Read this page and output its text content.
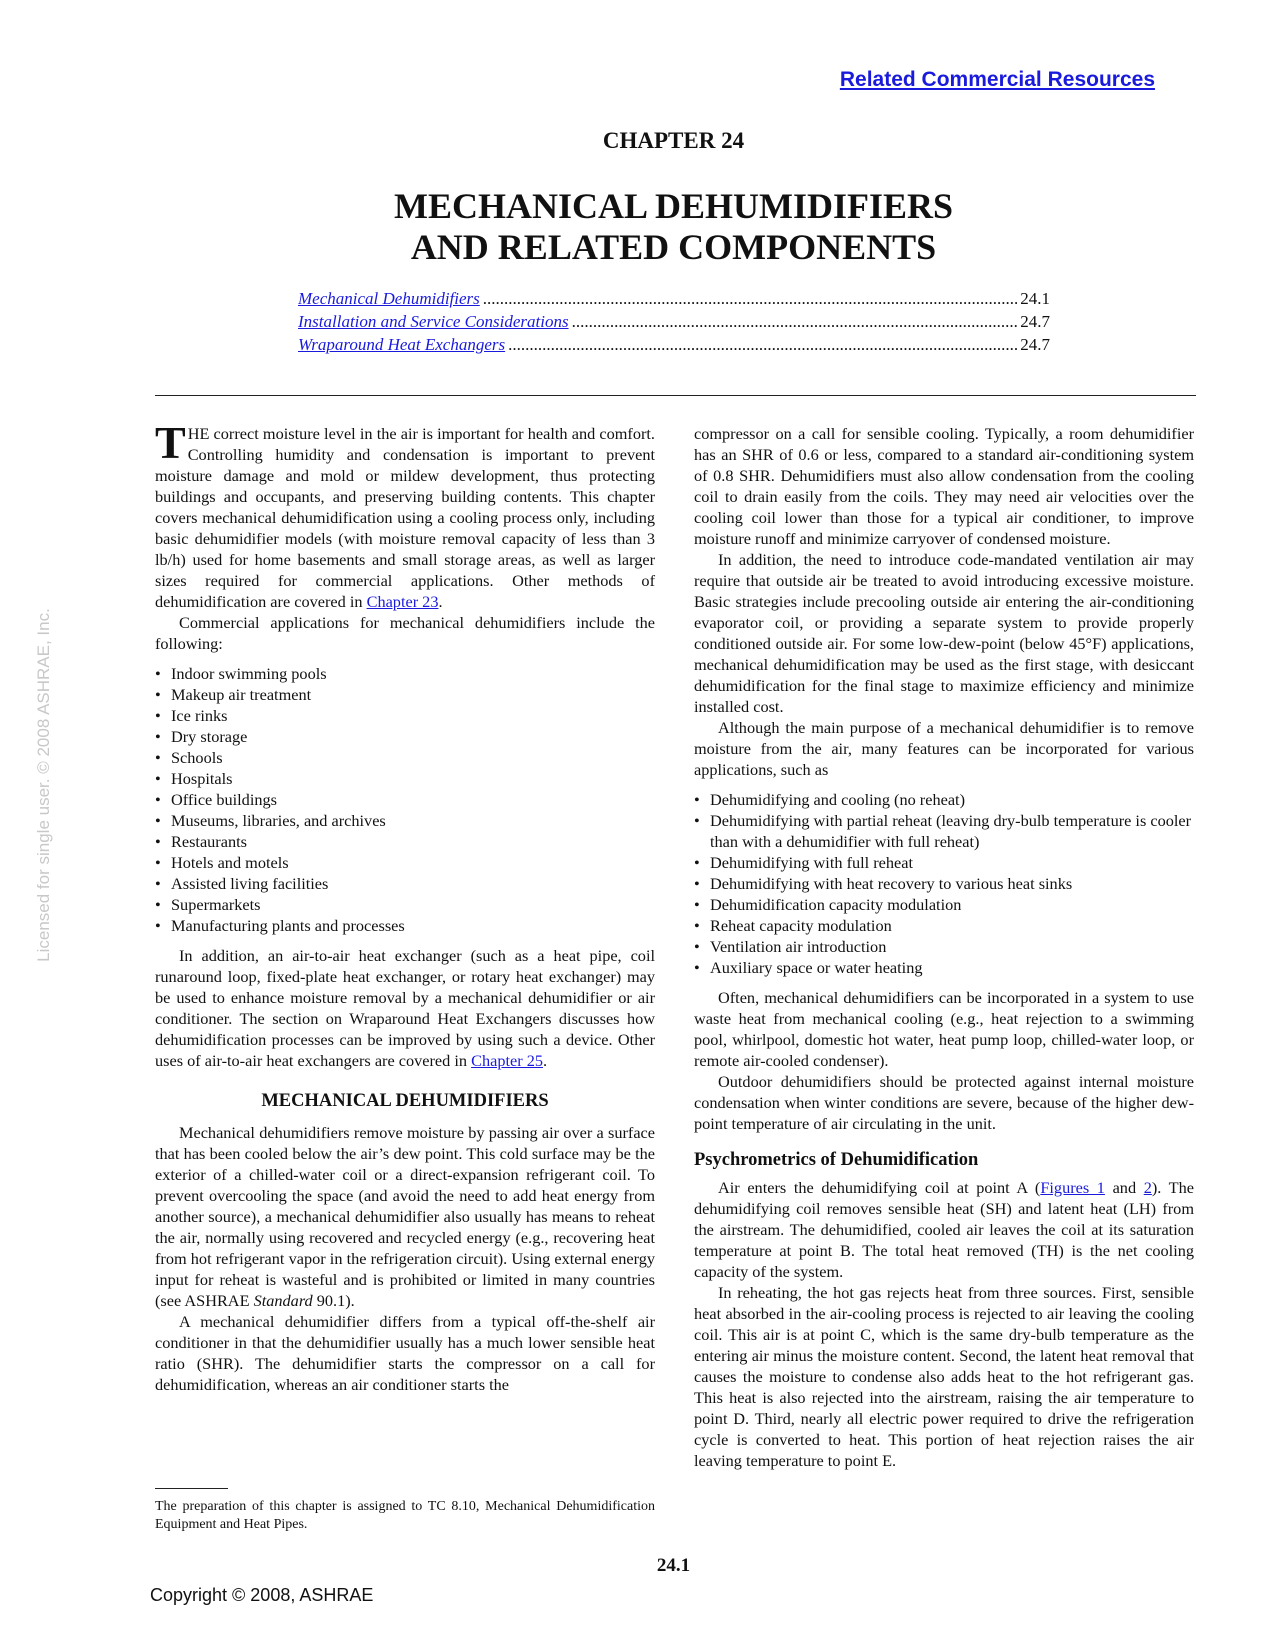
Related Commercial Resources
CHAPTER 24
MECHANICAL DEHUMIDIFIERS
AND RELATED COMPONENTS
Mechanical Dehumidifiers .....	24.1
Installation and Service Considerations .....	24.7
Wraparound Heat Exchangers .....	24.7

THE correct moisture level in the air is important for health and comfort. Controlling humidity and condensation is important to prevent moisture damage and mold or mildew development, thus protecting buildings and occupants, and preserving building contents. This chapter covers mechanical dehumidification using a cooling process only, including basic dehumidifier models (with moisture removal capacity of less than 3 lb/h) used for home basements and small storage areas, as well as larger sizes required for commercial applications. Other methods of dehumidification are covered in Chapter 23.

Commercial applications for mechanical dehumidifiers include the following:

• Indoor swimming pools
• Makeup air treatment
• Ice rinks
• Dry storage
• Schools
• Hospitals
• Office buildings
• Museums, libraries, and archives
• Restaurants
• Hotels and motels
• Assisted living facilities
• Supermarkets
• Manufacturing plants and processes

In addition, an air-to-air heat exchanger (such as a heat pipe, coil runaround loop, fixed-plate heat exchanger, or rotary heat exchanger) may be used to enhance moisture removal by a mechanical dehumidifier or air conditioner. The section on Wraparound Heat Exchangers discusses how dehumidification processes can be improved by using such a device. Other uses of air-to-air heat exchangers are covered in Chapter 25.

MECHANICAL DEHUMIDIFIERS

Mechanical dehumidifiers remove moisture by passing air over a surface that has been cooled below the air’s dew point. This cold surface may be the exterior of a chilled-water coil or a direct-expansion refrigerant coil. To prevent overcooling the space (and avoid the need to add heat energy from another source), a mechanical dehumidifier also usually has means to reheat the air, normally using recovered and recycled energy (e.g., recovering heat from hot refrigerant vapor in the refrigeration circuit). Using external energy input for reheat is wasteful and is prohibited or limited in many countries (see ASHRAE Standard 90.1).

A mechanical dehumidifier differs from a typical off-the-shelf air conditioner in that the dehumidifier usually has a much lower sensible heat ratio (SHR). The dehumidifier starts the compressor on a call for dehumidification, whereas an air conditioner starts the

compressor on a call for sensible cooling. Typically, a room dehumidifier has an SHR of 0.6 or less, compared to a standard air-conditioning system of 0.8 SHR. Dehumidifiers must also allow condensation from the cooling coil to drain easily from the coils. They may need air velocities over the cooling coil lower than those for a typical air conditioner, to improve moisture runoff and minimize carryover of condensed moisture.

In addition, the need to introduce code-mandated ventilation air may require that outside air be treated to avoid introducing excessive moisture. Basic strategies include precooling outside air entering the air-conditioning evaporator coil, or providing a separate system to provide properly conditioned outside air. For some low-dew-point (below 45°F) applications, mechanical dehumidification may be used as the first stage, with desiccant dehumidification for the final stage to maximize efficiency and minimize installed cost.

Although the main purpose of a mechanical dehumidifier is to remove moisture from the air, many features can be incorporated for various applications, such as

• Dehumidifying and cooling (no reheat)
• Dehumidifying with partial reheat (leaving dry-bulb temperature is cooler than with a dehumidifier with full reheat)
• Dehumidifying with full reheat
• Dehumidifying with heat recovery to various heat sinks
• Dehumidification capacity modulation
• Reheat capacity modulation
• Ventilation air introduction
• Auxiliary space or water heating

Often, mechanical dehumidifiers can be incorporated in a system to use waste heat from mechanical cooling (e.g., heat rejection to a swimming pool, whirlpool, domestic hot water, heat pump loop, chilled-water loop, or remote air-cooled condenser).

Outdoor dehumidifiers should be protected against internal moisture condensation when winter conditions are severe, because of the higher dew-point temperature of air circulating in the unit.

Psychrometrics of Dehumidification

Air enters the dehumidifying coil at point A (Figures 1 and 2). The dehumidifying coil removes sensible heat (SH) and latent heat (LH) from the airstream. The dehumidified, cooled air leaves the coil at its saturation temperature at point B. The total heat removed (TH) is the net cooling capacity of the system.

In reheating, the hot gas rejects heat from three sources. First, sensible heat absorbed in the air-cooling process is rejected to air leaving the cooling coil. This air is at point C, which is the same dry-bulb temperature as the entering air minus the moisture content. Second, the latent heat removal that causes the moisture to condense also adds heat to the hot refrigerant gas. This heat is also rejected into the airstream, raising the air temperature to point D. Third, nearly all electric power required to drive the refrigeration cycle is converted to heat. This portion of heat rejection raises the air leaving temperature to point E.

The preparation of this chapter is assigned to TC 8.10, Mechanical Dehumidification Equipment and Heat Pipes.
24.1
Copyright © 2008, ASHRAE
Licensed for single user. © 2008 ASHRAE, Inc.
